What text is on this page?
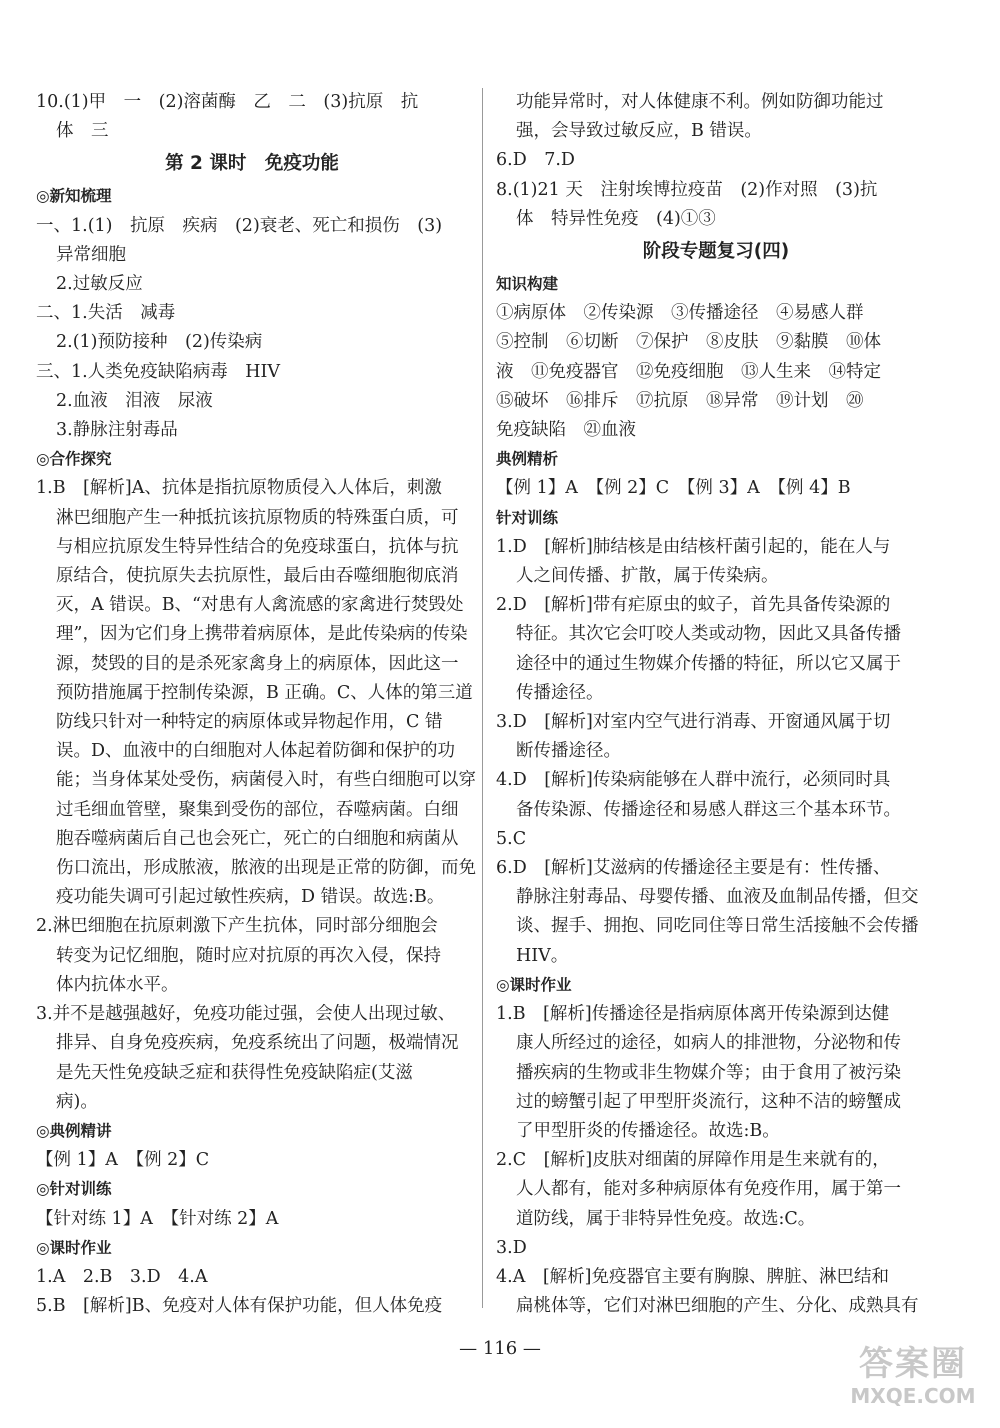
10.(1)甲　一　(2)溶菌酶　乙　二　(3)抗原　抗
体　三
第 2 课时　免疫功能
◎新知梳理
一、1.(1)　抗原　疾病　(2)衰老、死亡和损伤　(3)
异常细胞
2.过敏反应
二、1.失活　减毒
2.(1)预防接种　(2)传染病
三、1.人类免疫缺陷病毒　HIV
2.血液　泪液　尿液
3.静脉注射毒品
◎合作探究
1.B　[解析]A、抗体是指抗原物质侵入人体后，刺激
淋巴细胞产生一种抵抗该抗原物质的特殊蛋白质，可
与相应抗原发生特异性结合的免疫球蛋白，抗体与抗
原结合，使抗原失去抗原性，最后由吞噬细胞彻底消
灭，A 错误。B、“对患有人禽流感的家禽进行焚毁处
理”，因为它们身上携带着病原体，是此传染病的传染
源，焚毁的目的是杀死家禽身上的病原体，因此这一
预防措施属于控制传染源，B 正确。C、人体的第三道
防线只针对一种特定的病原体或异物起作用，C 错
误。D、血液中的白细胞对人体起着防御和保护的功
能；当身体某处受伤，病菌侵入时，有些白细胞可以穿
过毛细血管壁，聚集到受伤的部位，吞噬病菌。白细
胞吞噬病菌后自己也会死亡，死亡的白细胞和病菌从
伤口流出，形成脓液，脓液的出现是正常的防御，而免
疫功能失调可引起过敏性疾病，D 错误。故选:B。
2.淋巴细胞在抗原刺激下产生抗体，同时部分细胞会
转变为记忆细胞，随时应对抗原的再次入侵，保持
体内抗体水平。
3.并不是越强越好，免疫功能过强，会使人出现过敏、
排异、自身免疫疾病，免疫系统出了问题，极端情况
是先天性免疫缺乏症和获得性免疫缺陷症(艾滋
病)。
◎典例精讲
【例 1】A　【例 2】C
◎针对训练
【针对练 1】A　【针对练 2】A
◎课时作业
1.A　2.B　3.D　4.A
5.B　[解析]B、免疫对人体有保护功能，但人体免疫
功能异常时，对人体健康不利。例如防御功能过
强，会导致过敏反应，B 错误。
6.D　7.D
8.(1)21 天　注射埃博拉疫苗　(2)作对照　(3)抗
体　特异性免疫　(4)①③
阶段专题复习(四)
知识构建
①病原体　②传染源　③传播途径　④易感人群
⑤控制　⑥切断　⑦保护　⑧皮肤　⑨黏膜　⑩体
液　⑪免疫器官　⑫免疫细胞　⑬人生来　⑭特定
⑮破坏　⑯排斥　⑰抗原　⑱异常　⑲计划　⑳
免疫缺陷　㉑血液
典例精析
【例 1】A　【例 2】C　【例 3】A　【例 4】B
针对训练
1.D　[解析]肺结核是由结核杆菌引起的，能在人与
人之间传播、扩散，属于传染病。
2.D　[解析]带有疟原虫的蚊子，首先具备传染源的
特征。其次它会叮咬人类或动物，因此又具备传播
途径中的通过生物媒介传播的特征，所以它又属于
传播途径。
3.D　[解析]对室内空气进行消毒、开窗通风属于切
断传播途径。
4.D　[解析]传染病能够在人群中流行，必须同时具
备传染源、传播途径和易感人群这三个基本环节。
5.C
6.D　[解析]艾滋病的传播途径主要是有：性传播、
静脉注射毒品、母婴传播、血液及血制品传播，但交
谈、握手、拥抱、同吃同住等日常生活接触不会传播
HIV。
◎课时作业
1.B　[解析]传播途径是指病原体离开传染源到达健
康人所经过的途径，如病人的排泄物，分泌物和传
播疾病的生物或非生物媒介等；由于食用了被污染
过的螃蟹引起了甲型肝炎流行，这种不洁的螃蟹成
了甲型肝炎的传播途径。故选:B。
2.C　[解析]皮肤对细菌的屏障作用是生来就有的，
人人都有，能对多种病原体有免疫作用，属于第一
道防线，属于非特异性免疫。故选:C。
3.D
4.A　[解析]免疫器官主要有胸腺、脾脏、淋巴结和
扁桃体等，它们对淋巴细胞的产生、分化、成熟具有
— 116 —	答案圈
MXQE.COM
